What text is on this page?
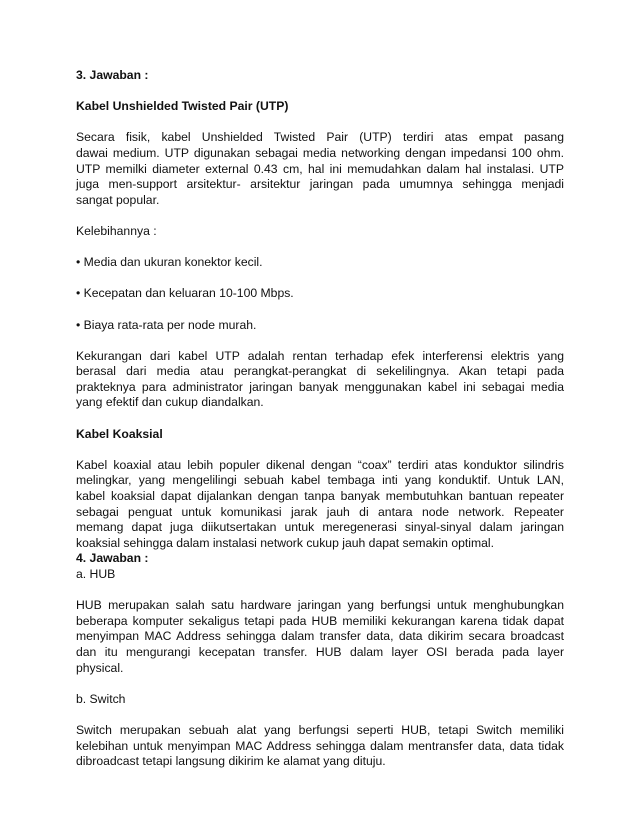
3. Jawaban :
Kabel Unshielded Twisted Pair (UTP)
Secara fisik, kabel Unshielded Twisted Pair (UTP) terdiri atas empat pasang
dawai medium. UTP digunakan sebagai media networking dengan impedansi 100 ohm.
UTP memilki diameter external 0.43 cm, hal ini memudahkan dalam hal instalasi. UTP
juga men-support arsitektur- arsitektur jaringan pada umumnya sehingga menjadi
sangat popular.
Kelebihannya :
• Media dan ukuran konektor kecil.
• Kecepatan dan keluaran 10-100 Mbps.
• Biaya rata-rata per node murah.
Kekurangan dari kabel UTP adalah rentan terhadap efek interferensi elektris yang
berasal dari media atau perangkat-perangkat di sekelilingnya. Akan tetapi pada
prakteknya para administrator jaringan banyak menggunakan kabel ini sebagai media
yang efektif dan cukup diandalkan.
Kabel Koaksial
Kabel koaxial atau lebih populer dikenal dengan “coax” terdiri atas konduktor silindris
melingkar, yang mengelilingi sebuah kabel tembaga inti yang konduktif. Untuk LAN,
kabel koaksial dapat dijalankan dengan tanpa banyak membutuhkan bantuan repeater
sebagai penguat untuk komunikasi jarak jauh di antara node network. Repeater
memang dapat juga diikutsertakan untuk meregenerasi sinyal-sinyal dalam jaringan
koaksial sehingga dalam instalasi network cukup jauh dapat semakin optimal.
4. Jawaban :
a. HUB
HUB merupakan salah satu hardware jaringan yang berfungsi untuk menghubungkan
beberapa komputer sekaligus tetapi pada HUB memiliki kekurangan karena tidak dapat
menyimpan MAC Address sehingga dalam transfer data, data dikirim secara broadcast
dan itu mengurangi kecepatan transfer. HUB dalam layer OSI berada pada layer
physical.
b. Switch
Switch merupakan sebuah alat yang berfungsi seperti HUB, tetapi Switch memiliki
kelebihan untuk menyimpan MAC Address sehingga dalam mentransfer data, data tidak
dibroadcast tetapi langsung dikirim ke alamat yang dituju.
